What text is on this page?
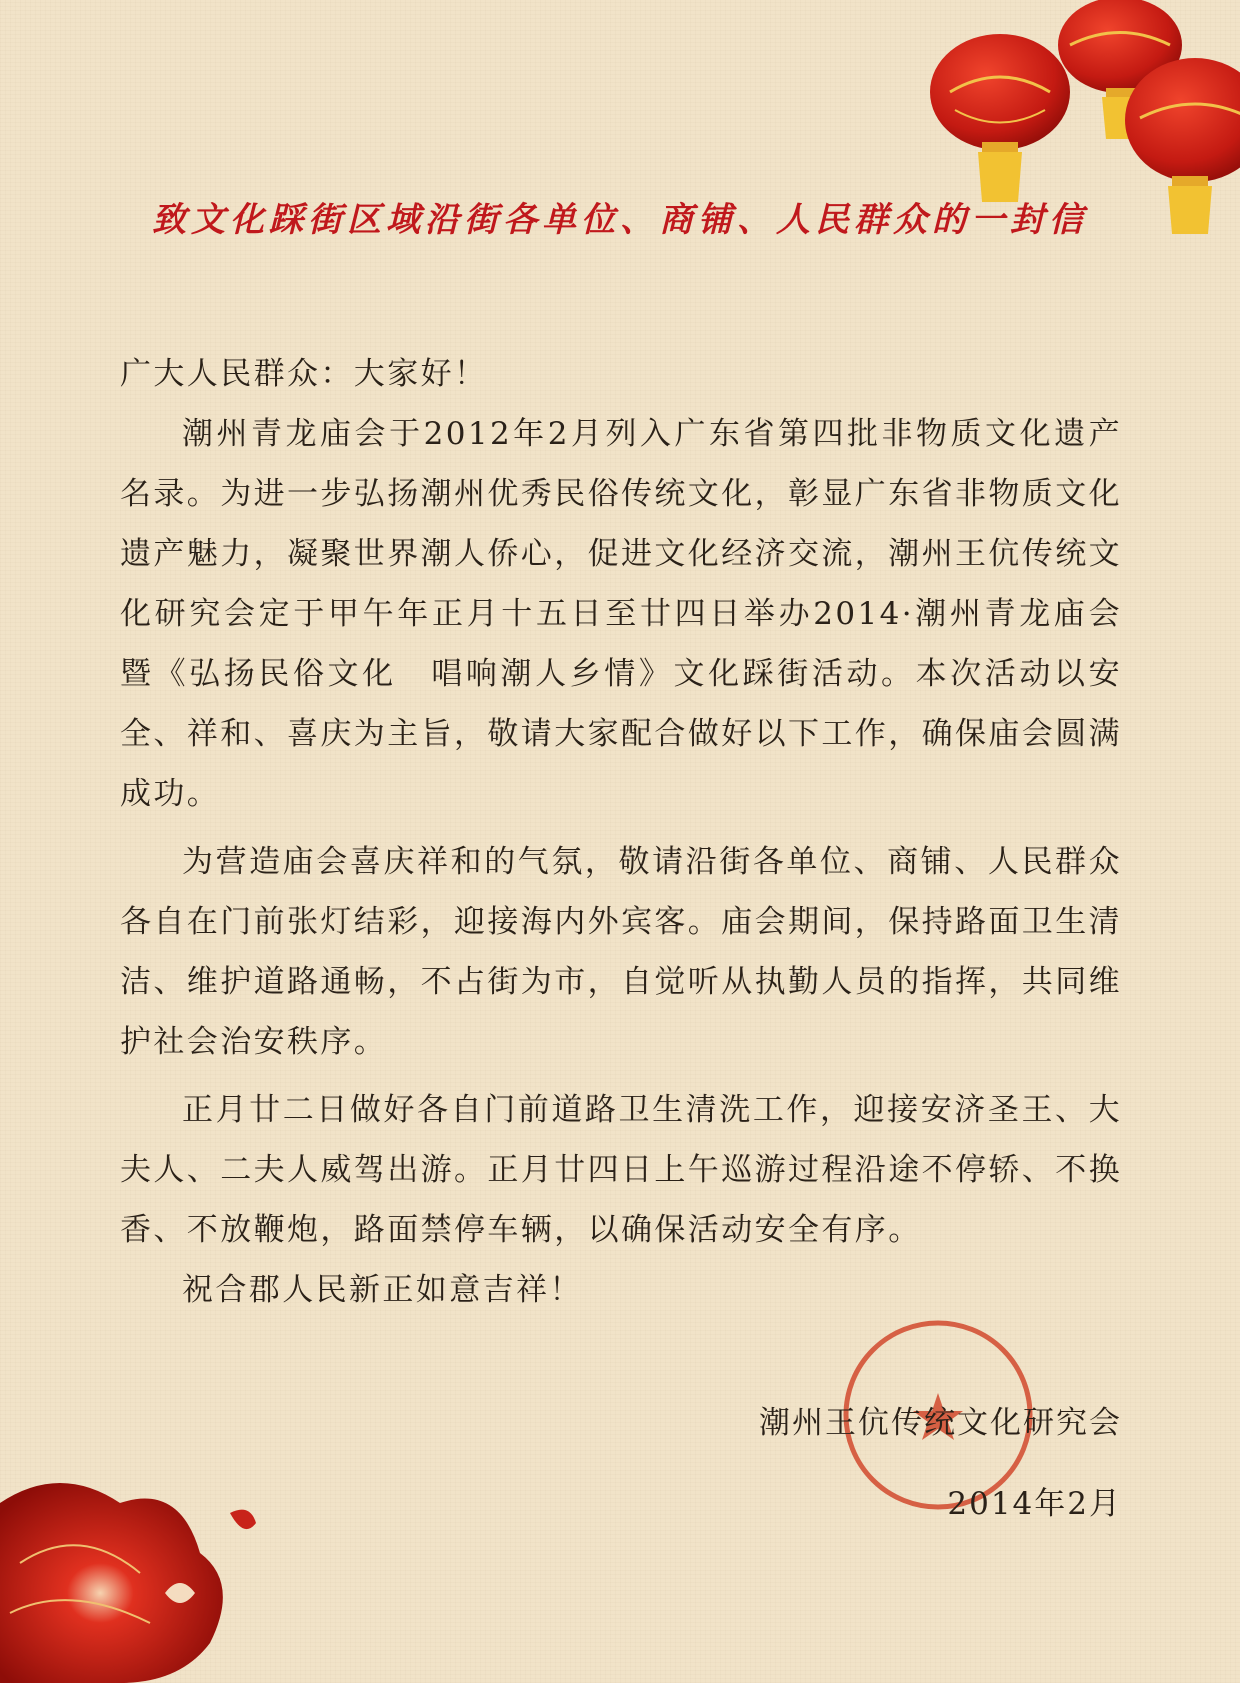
致文化踩街区域沿街各单位、商铺、人民群众的一封信

广大人民群众：大家好！

潮州青龙庙会于2012年2月列入广东省第四批非物质文化遗产名录。为进一步弘扬潮州优秀民俗传统文化，彰显广东省非物质文化遗产魅力，凝聚世界潮人侨心，促进文化经济交流，潮州王伉传统文化研究会定于甲午年正月十五日至廿四日举办2014·潮州青龙庙会暨《弘扬民俗文化　唱响潮人乡情》文化踩街活动。本次活动以安全、祥和、喜庆为主旨，敬请大家配合做好以下工作，确保庙会圆满成功。

为营造庙会喜庆祥和的气氛，敬请沿街各单位、商铺、人民群众各自在门前张灯结彩，迎接海内外宾客。庙会期间，保持路面卫生清洁、维护道路通畅，不占街为市，自觉听从执勤人员的指挥，共同维护社会治安秩序。

正月廿二日做好各自门前道路卫生清洗工作，迎接安济圣王、大夫人、二夫人威驾出游。正月廿四日上午巡游过程沿途不停轿、不换香、不放鞭炮，路面禁停车辆，以确保活动安全有序。

祝合郡人民新正如意吉祥！

潮州王伉传统文化研究会
2014年2月
